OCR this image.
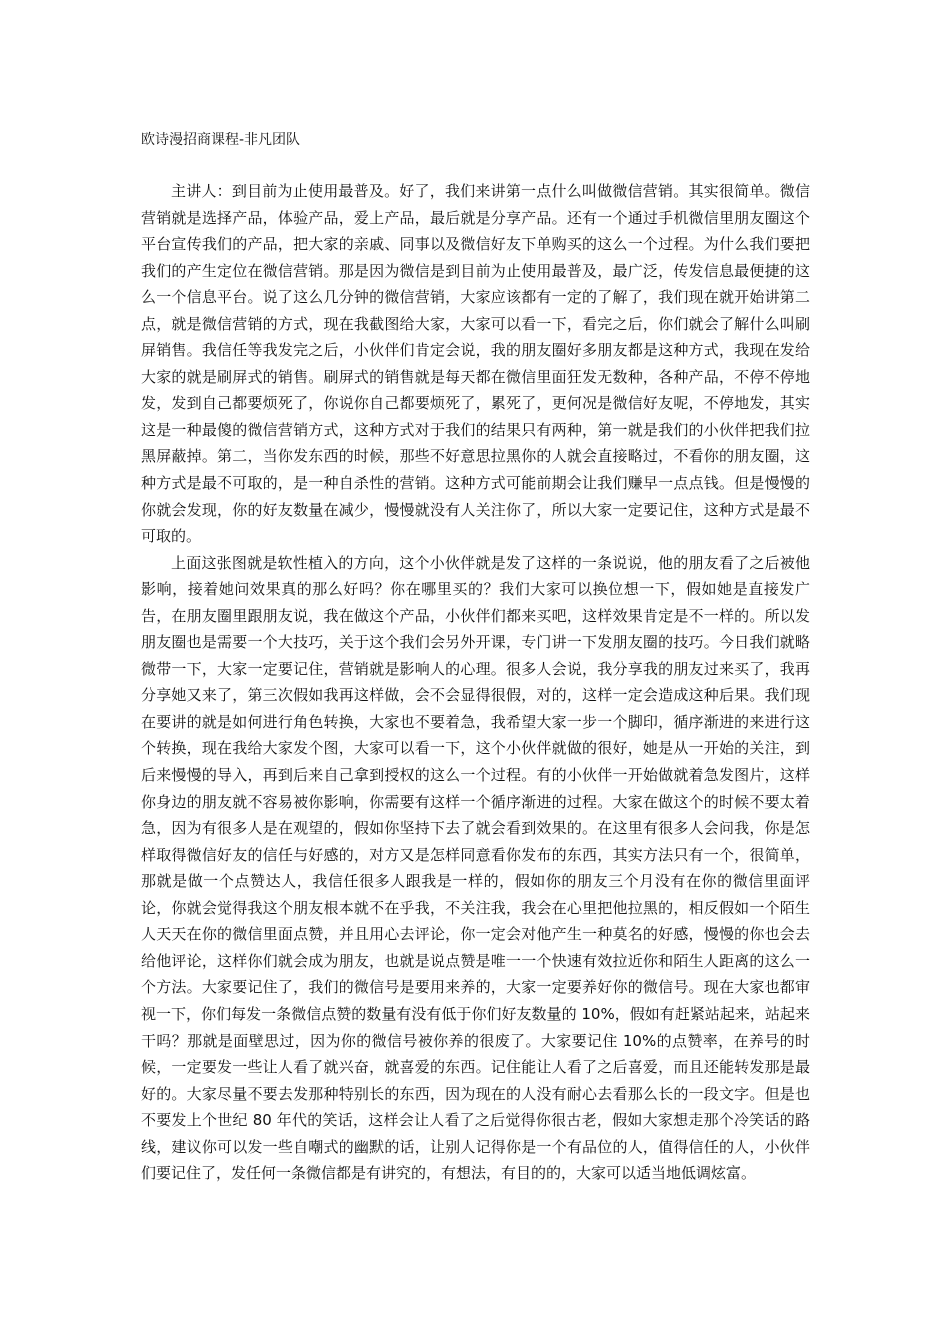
欧诗漫招商课程-非凡团队

主讲人：到目前为止使用最普及。好了，我们来讲第一点什么叫做微信营销。其实很简单。微信营销就是选择产品，体验产品，爱上产品，最后就是分享产品。还有一个通过手机微信里朋友圈这个平台宣传我们的产品，把大家的亲戚、同事以及微信好友下单购买的这么一个过程。为什么我们要把我们的产生定位在微信营销。那是因为微信是到目前为止使用最普及，最广泛，传发信息最便捷的这么一个信息平台。说了这么几分钟的微信营销，大家应该都有一定的了解了，我们现在就开始讲第二点，就是微信营销的方式，现在我截图给大家，大家可以看一下，看完之后，你们就会了解什么叫刷屏销售。我信任等我发完之后，小伙伴们肯定会说，我的朋友圈好多朋友都是这种方式，我现在发给大家的就是刷屏式的销售。刷屏式的销售就是每天都在微信里面狂发无数种，各种产品，不停不停地发，发到自己都要烦死了，你说你自己都要烦死了，累死了，更何况是微信好友呢，不停地发，其实这是一种最傻的微信营销方式，这种方式对于我们的结果只有两种，第一就是我们的小伙伴把我们拉黑屏蔽掉。第二，当你发东西的时候，那些不好意思拉黑你的人就会直接略过，不看你的朋友圈，这种方式是最不可取的，是一种自杀性的营销。这种方式可能前期会让我们赚早一点点钱。但是慢慢的你就会发现，你的好友数量在减少，慢慢就没有人关注你了，所以大家一定要记住，这种方式是最不可取的。

上面这张图就是软性植入的方向，这个小伙伴就是发了这样的一条说说，他的朋友看了之后被他影响，接着她问效果真的那么好吗？你在哪里买的？我们大家可以换位想一下，假如她是直接发广告，在朋友圈里跟朋友说，我在做这个产品，小伙伴们都来买吧，这样效果肯定是不一样的。所以发朋友圈也是需要一个大技巧，关于这个我们会另外开课，专门讲一下发朋友圈的技巧。今日我们就略微带一下，大家一定要记住，营销就是影响人的心理。很多人会说，我分享我的朋友过来买了，我再分享她又来了，第三次假如我再这样做，会不会显得很假，对的，这样一定会造成这种后果。我们现在要讲的就是如何进行角色转换，大家也不要着急，我希望大家一步一个脚印，循序渐进的来进行这个转换，现在我给大家发个图，大家可以看一下，这个小伙伴就做的很好，她是从一开始的关注，到后来慢慢的导入，再到后来自己拿到授权的这么一个过程。有的小伙伴一开始做就着急发图片，这样你身边的朋友就不容易被你影响，你需要有这样一个循序渐进的过程。大家在做这个的时候不要太着急，因为有很多人是在观望的，假如你坚持下去了就会看到效果的。在这里有很多人会问我，你是怎样取得微信好友的信任与好感的，对方又是怎样同意看你发布的东西，其实方法只有一个，很简单，那就是做一个点赞达人，我信任很多人跟我是一样的，假如你的朋友三个月没有在你的微信里面评论，你就会觉得我这个朋友根本就不在乎我，不关注我，我会在心里把他拉黑的，相反假如一个陌生人天天在你的微信里面点赞，并且用心去评论，你一定会对他产生一种莫名的好感，慢慢的你也会去给他评论，这样你们就会成为朋友，也就是说点赞是唯一一个快速有效拉近你和陌生人距离的这么一个方法。大家要记住了，我们的微信号是要用来养的，大家一定要养好你的微信号。现在大家也都审视一下，你们每发一条微信点赞的数量有没有低于你们好友数量的 10%，假如有赶紧站起来，站起来干吗？那就是面壁思过，因为你的微信号被你养的很废了。大家要记住 10%的点赞率，在养号的时候，一定要发一些让人看了就兴奋，就喜爱的东西。记住能让人看了之后喜爱，而且还能转发那是最好的。大家尽量不要去发那种特别长的东西，因为现在的人没有耐心去看那么长的一段文字。但是也不要发上个世纪 80 年代的笑话，这样会让人看了之后觉得你很古老，假如大家想走那个冷笑话的路线，建议你可以发一些自嘲式的幽默的话，让别人记得你是一个有品位的人，值得信任的人，小伙伴们要记住了，发任何一条微信都是有讲究的，有想法，有目的的，大家可以适当地低调炫富。
